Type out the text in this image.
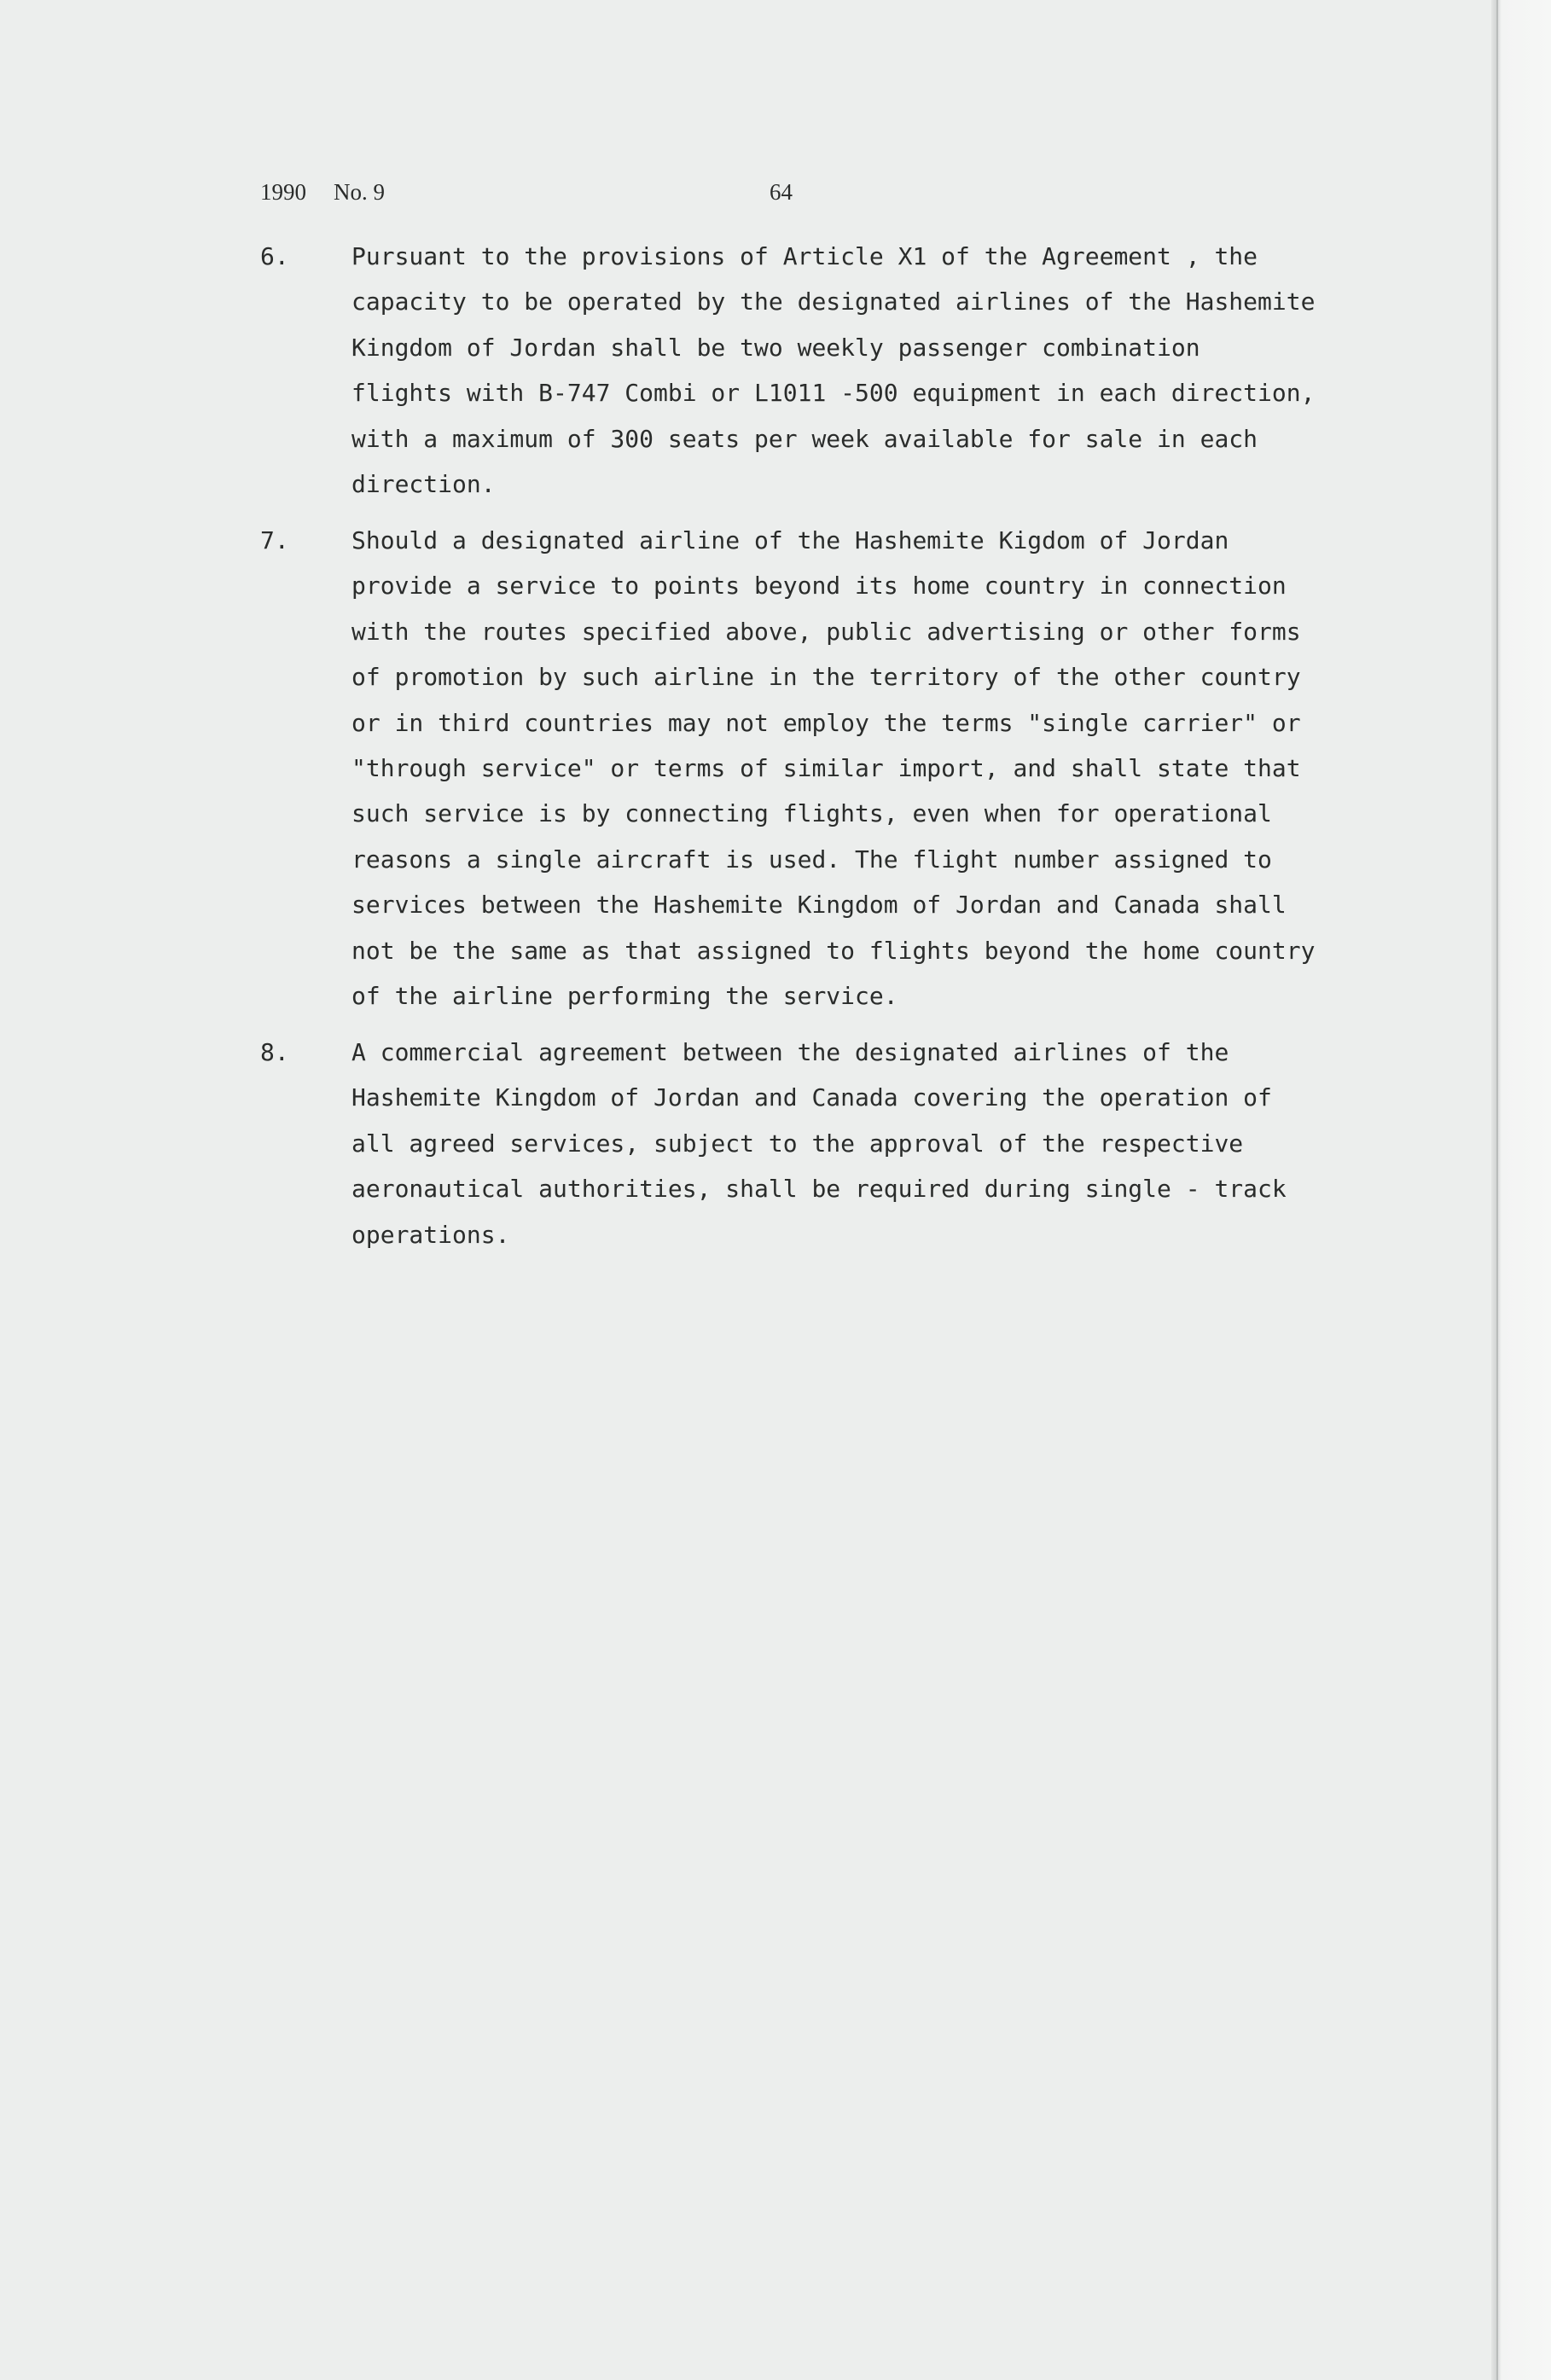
1990 No. 9	64
6.	Pursuant to the provisions of Article X1 of the Agreement , the
capacity to be operated by the designated airlines of the Hashemite
Kingdom of Jordan shall be two weekly passenger combination
flights with B-747 Combi or L1011 -500 equipment in each direction,
with a maximum of 300 seats per week available for sale in each
direction.
7.	Should a designated airline of the Hashemite Kigdom of Jordan
provide a service to points beyond its home country in connection
with the routes specified above, public advertising or other forms
of promotion by such airline in the territory of the other country
or in third countries may not employ the terms "single carrier" or
"through service" or terms of similar import, and shall state that
such service is by connecting flights, even when for operational
reasons a single aircraft is used. The flight number assigned to
services between the Hashemite Kingdom of Jordan and Canada shall
not be the same as that assigned to flights beyond the home country
of the airline performing the service.
8.	A commercial agreement between the designated airlines of the
Hashemite Kingdom of Jordan and Canada covering the operation of
all agreed services, subject to the approval of the respective
aeronautical authorities, shall be required during single - track
operations.
